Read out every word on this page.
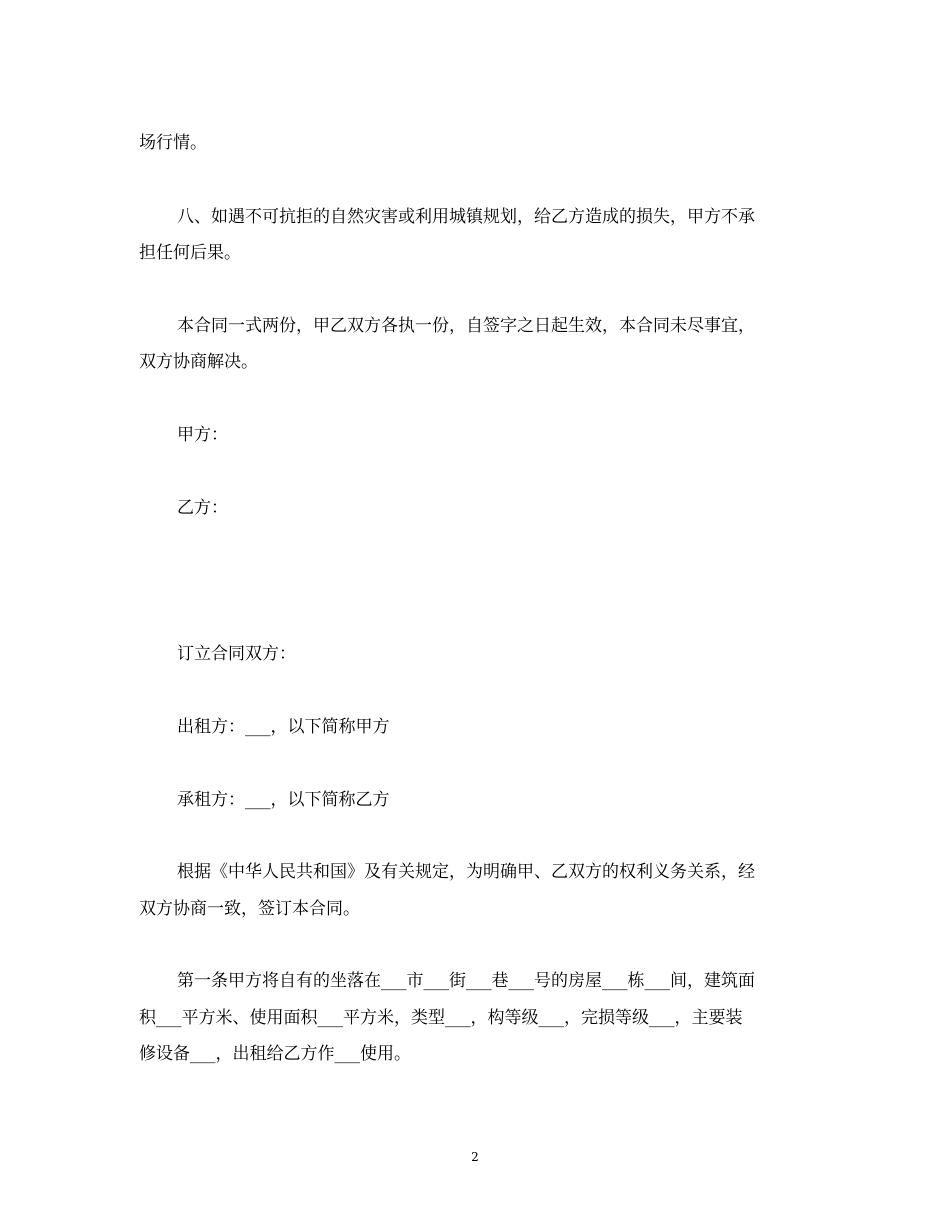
场行情。
八、如遇不可抗拒的自然灾害或利用城镇规划，给乙方造成的损失，甲方不承
担任何后果。
本合同一式两份，甲乙双方各执一份，自签字之日起生效，本合同未尽事宜，
双方协商解决。
甲方：
乙方：
订立合同双方：
出租方：___，以下简称甲方
承租方：___，以下简称乙方
根据《中华人民共和国》及有关规定，为明确甲、乙双方的权利义务关系，经
双方协商一致，签订本合同。
第一条甲方将自有的坐落在___市___街___巷___号的房屋___栋___间，建筑面
积___平方米、使用面积___平方米，类型___，构等级___，完损等级___，主要装
修设备___，出租给乙方作___使用。
2
